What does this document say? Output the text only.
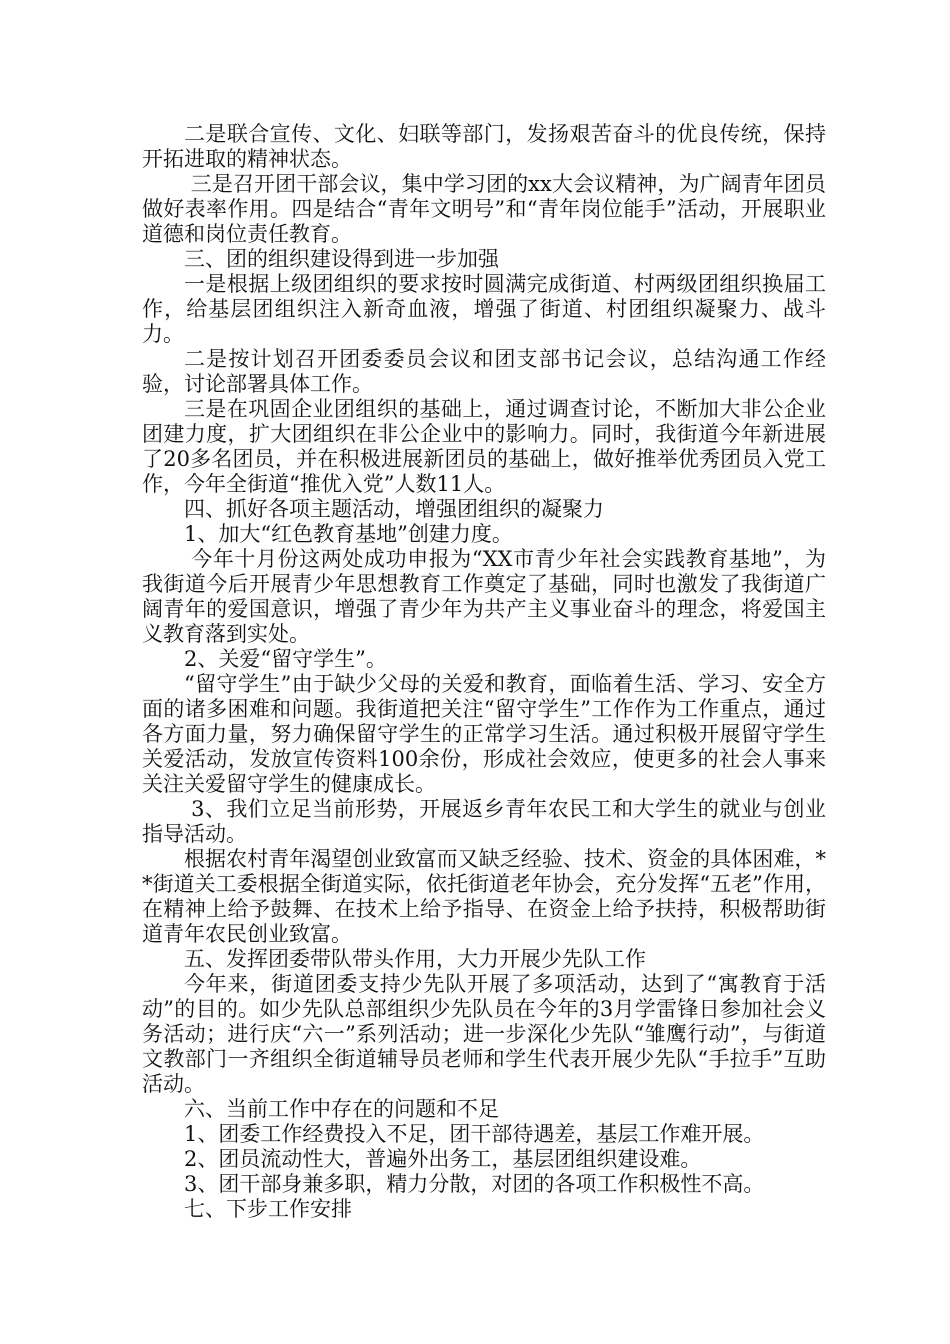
二是联合宣传、文化、妇联等部门，发扬艰苦奋斗的优良传统，保持开拓进取的精神状态。

三是召开团干部会议，集中学习团的xx大会议精神，为广阔青年团员做好表率作用。四是结合“青年文明号”和“青年岗位能手”活动，开展职业道德和岗位责任教育。

三、团的组织建设得到进一步加强

一是根据上级团组织的要求按时圆满完成街道、村两级团组织换届工作，给基层团组织注入新奇血液，增强了街道、村团组织凝聚力、战斗力。

二是按计划召开团委委员会议和团支部书记会议，总结沟通工作经验，讨论部署具体工作。

三是在巩固企业团组织的基础上，通过调查讨论，不断加大非公企业团建力度，扩大团组织在非公企业中的影响力。同时，我街道今年新进展了20多名团员，并在积极进展新团员的基础上，做好推举优秀团员入党工作，今年全街道“推优入党”人数11人。

四、抓好各项主题活动，增强团组织的凝聚力

1、加大“红色教育基地”创建力度。

今年十月份这两处成功申报为“XX市青少年社会实践教育基地”，为我街道今后开展青少年思想教育工作奠定了基础，同时也激发了我街道广阔青年的爱国意识，增强了青少年为共产主义事业奋斗的理念，将爱国主义教育落到实处。

2、关爱“留守学生”。

“留守学生”由于缺少父母的关爱和教育，面临着生活、学习、安全方面的诸多困难和问题。我街道把关注“留守学生”工作作为工作重点，通过各方面力量，努力确保留守学生的正常学习生活。通过积极开展留守学生关爱活动，发放宣传资料100余份，形成社会效应，使更多的社会人事来关注关爱留守学生的健康成长。

3、我们立足当前形势，开展返乡青年农民工和大学生的就业与创业指导活动。

根据农村青年渴望创业致富而又缺乏经验、技术、资金的具体困难，**街道关工委根据全街道实际，依托街道老年协会，充分发挥“五老”作用，在精神上给予鼓舞、在技术上给予指导、在资金上给予扶持，积极帮助街道青年农民创业致富。

五、发挥团委带队带头作用，大力开展少先队工作

今年来，街道团委支持少先队开展了多项活动，达到了“寓教育于活动”的目的。如少先队总部组织少先队员在今年的3月学雷锋日参加社会义务活动；进行庆“六一”系列活动；进一步深化少先队“雏鹰行动”，与街道文教部门一齐组织全街道辅导员老师和学生代表开展少先队“手拉手”互助活动。

六、当前工作中存在的问题和不足

1、团委工作经费投入不足，团干部待遇差，基层工作难开展。

2、团员流动性大，普遍外出务工，基层团组织建设难。

3、团干部身兼多职，精力分散，对团的各项工作积极性不高。

七、下步工作安排
